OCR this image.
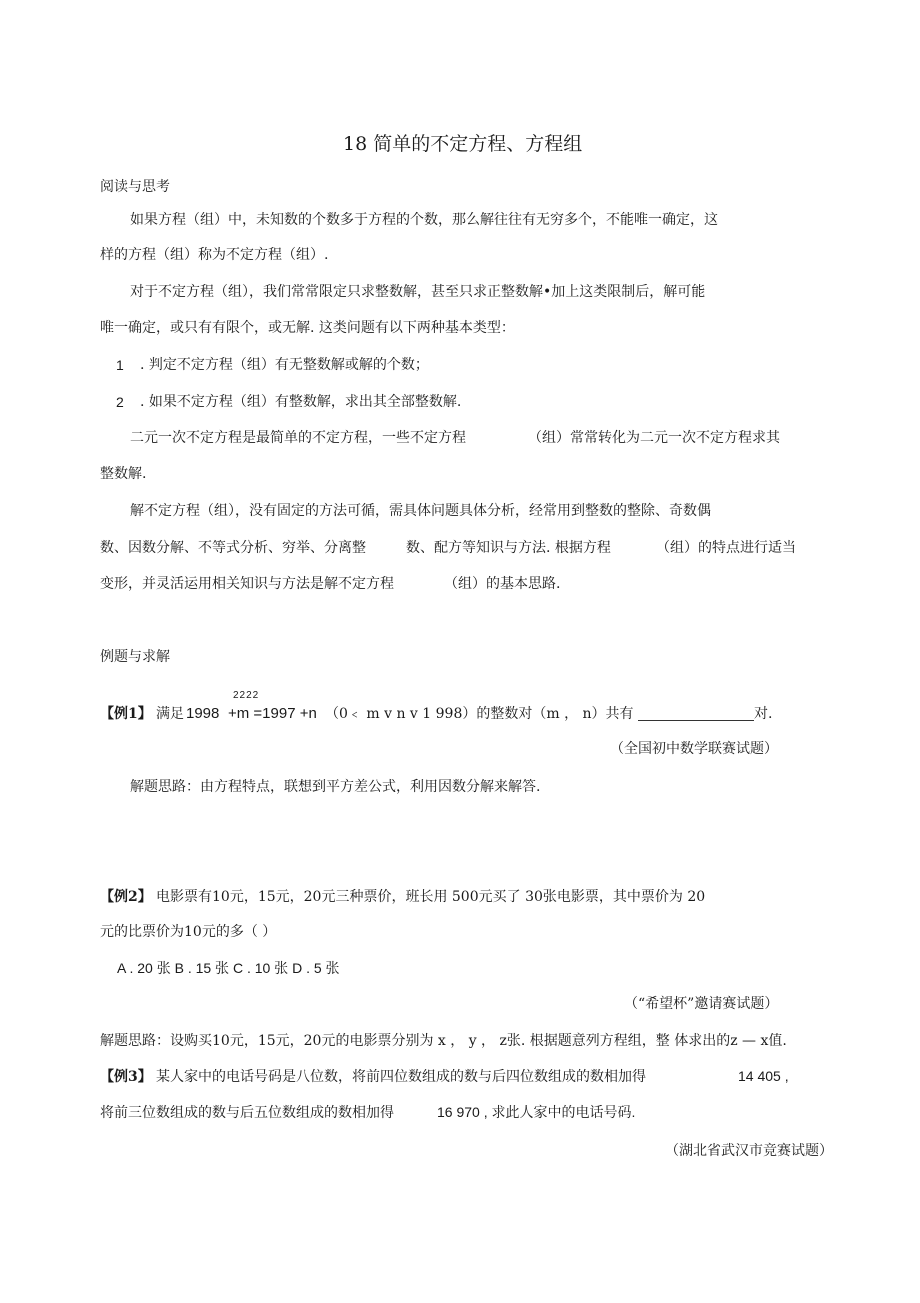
18 简单的不定方程、方程组
阅读与思考
如果方程（组）中，未知数的个数多于方程的个数，那么解往往有无穷多个，不能唯一确定，这
样的方程（组）称为不定方程（组）.
对于不定方程（组），我们常常限定只求整数解，甚至只求正整数解•加上这类限制后，解可能
唯一确定，或只有有限个，或无解. 这类问题有以下两种基本类型：
1 . 判定不定方程（组）有无整数解或解的个数；
2 . 如果不定方程（组）有整数解，求出其全部整数解.
二元一次不定方程是最简单的不定方程，一些不定方程	（组）常常转化为二元一次不定方程求其
整数解.
解不定方程（组），没有固定的方法可循，需具体问题具体分析，经常用到整数的整除、奇数偶
数、因数分解、不等式分析、穷举、分离整	数、配方等知识与方法. 根据方程	（组）的特点进行适当
变形，并灵活运用相关知识与方法是解不定方程	（组）的基本思路.
例题与求解
2222
【例1】 满足 1998 +m =1997 +n （0﹤ m v n v 1 998）的整数对（m ， n）共有	对.
（全国初中数学联赛试题）
解题思路：由方程特点，联想到平方差公式，利用因数分解来解答.
【例2】 电影票有10元，15元，20元三种票价，班长用 500元买了 30张电影票，其中票价为 20
元的比票价为10元的多（ ）
A . 20 张 B . 15 张 C . 10 张 D . 5 张
（“希望杯”邀请赛试题）
解题思路：设购买10元，15元，20元的电影票分别为 x ， y ， z张. 根据题意列方程组，整 体求出的z — x值.
【例3】 某人家中的电话号码是八位数，将前四位数组成的数与后四位数组成的数相加得	14 405 ,
将前三位数组成的数与后五位数组成的数相加得	16 970 , 求此人家中的电话号码.
（湖北省武汉市竞赛试题）
